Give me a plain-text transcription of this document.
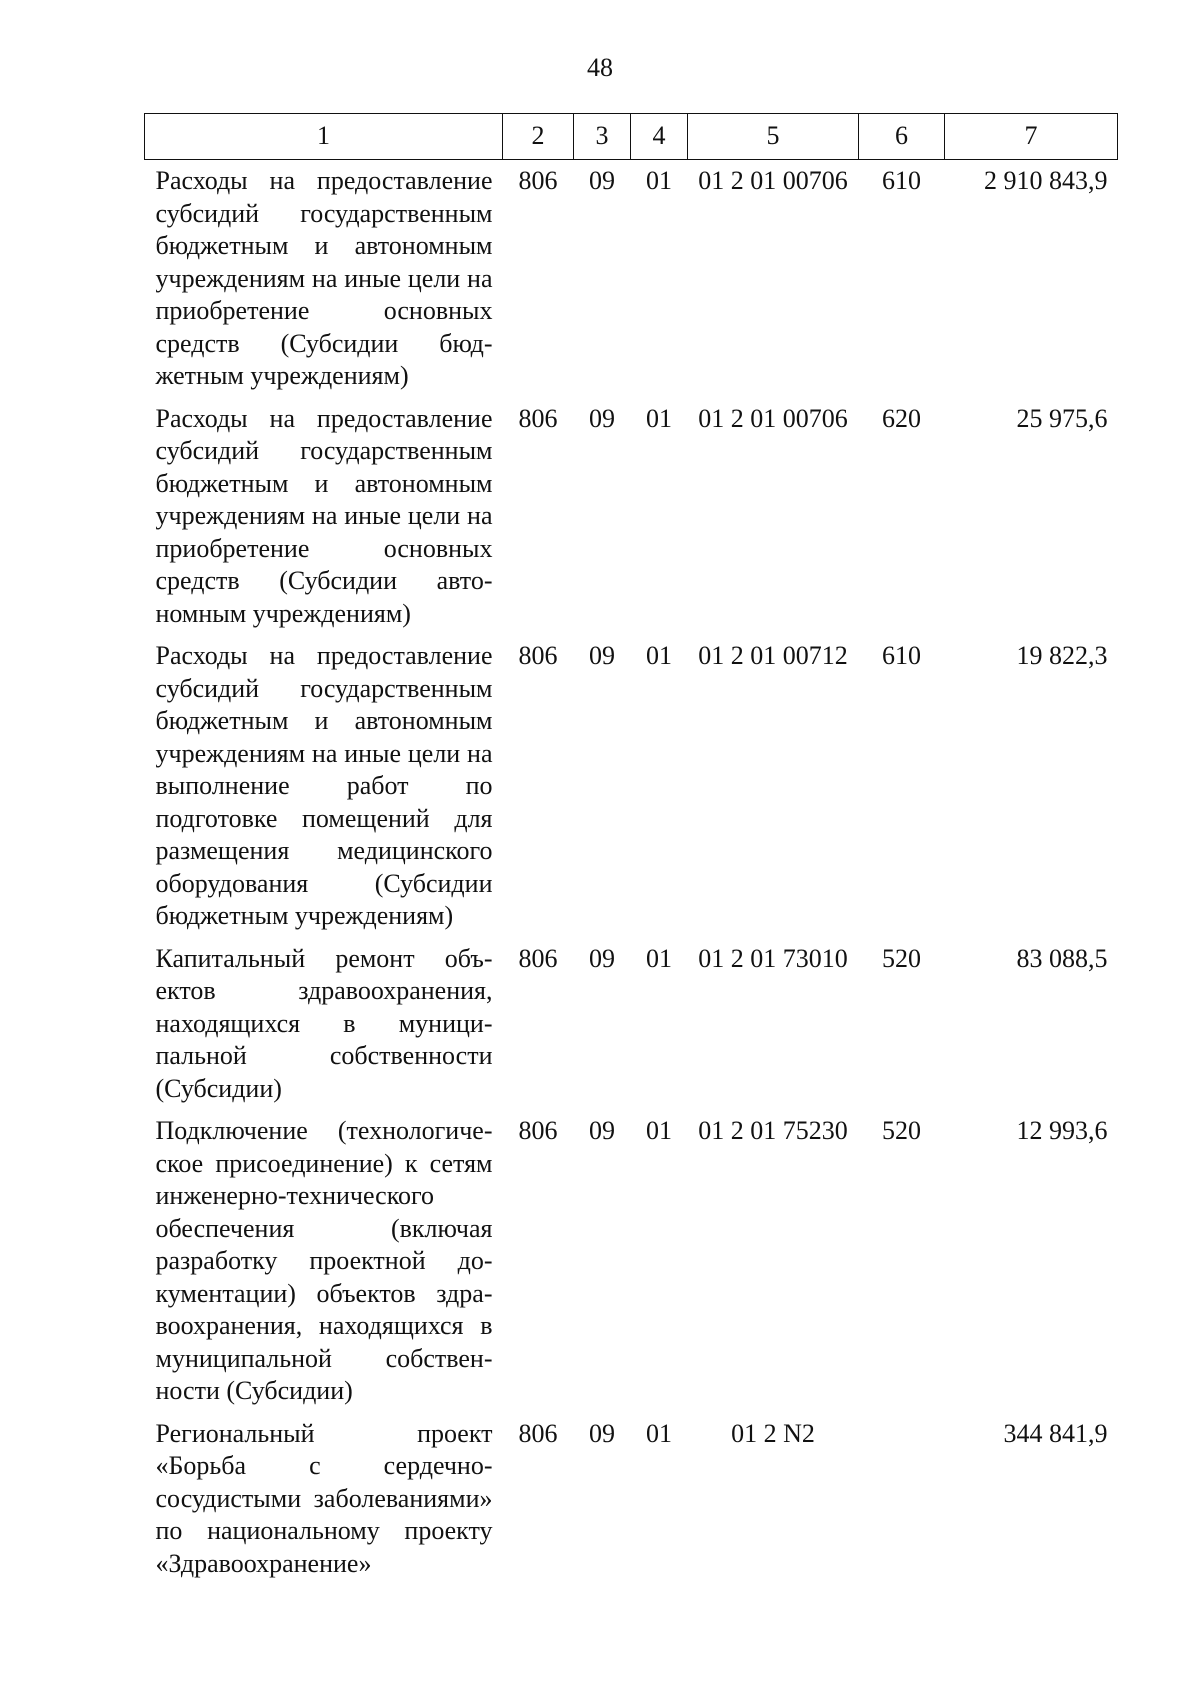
48
1	2	3	4	5	6	7
Расходы на предоставление субсидий государственным бюджетным и автономным учреждениям на иные цели на приобретение основных средств (Субсидии бюджетным учреждениям)	806	09	01	01 2 01 00706	610	2 910 843,9
Расходы на предоставление субсидий государственным бюджетным и автономным учреждениям на иные цели на приобретение основных средств (Субсидии автономным учреждениям)	806	09	01	01 2 01 00706	620	25 975,6
Расходы на предоставление субсидий государственным бюджетным и автономным учреждениям на иные цели на выполнение работ по подготовке помещений для размещения медицинского оборудования (Субсидии бюджетным учреждениям)	806	09	01	01 2 01 00712	610	19 822,3
Капитальный ремонт объектов здравоохранения, находящихся в муниципальной собственности (Субсидии)	806	09	01	01 2 01 73010	520	83 088,5
Подключение (технологическое присоединение) к сетям инженерно-технического обеспечения (включая разработку проектной документации) объектов здравоохранения, находящихся в муниципальной собственности (Субсидии)	806	09	01	01 2 01 75230	520	12 993,6
Региональный проект «Борьба с сердечно-сосудистыми заболеваниями» по национальному проекту «Здравоохранение»	806	09	01	01 2 N2		344 841,9
